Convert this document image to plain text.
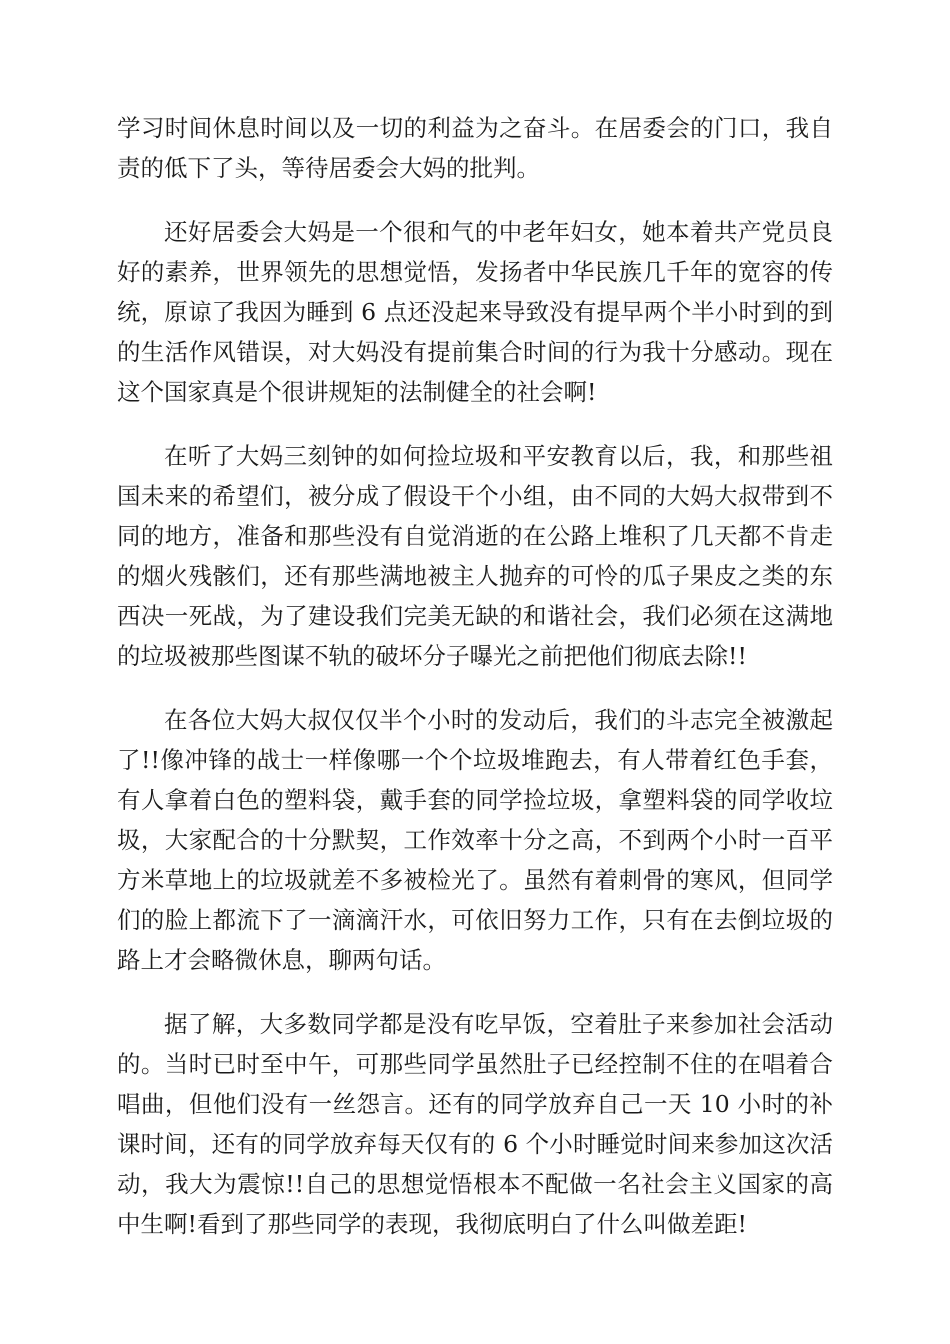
学习时间休息时间以及一切的利益为之奋斗。在居委会的门口，我自责的低下了头，等待居委会大妈的批判。

还好居委会大妈是一个很和气的中老年妇女，她本着共产党员良好的素养，世界领先的思想觉悟，发扬者中华民族几千年的宽容的传统，原谅了我因为睡到 6 点还没起来导致没有提早两个半小时到的到的生活作风错误，对大妈没有提前集合时间的行为我十分感动。现在这个国家真是个很讲规矩的法制健全的社会啊!

在听了大妈三刻钟的如何捡垃圾和平安教育以后，我，和那些祖国未来的希望们，被分成了假设干个小组，由不同的大妈大叔带到不同的地方，准备和那些没有自觉消逝的在公路上堆积了几天都不肯走的烟火残骸们，还有那些满地被主人抛弃的可怜的瓜子果皮之类的东西决一死战，为了建设我们完美无缺的和谐社会，我们必须在这满地的垃圾被那些图谋不轨的破坏分子曝光之前把他们彻底去除!!

在各位大妈大叔仅仅半个小时的发动后，我们的斗志完全被激起了!!像冲锋的战士一样像哪一个个垃圾堆跑去，有人带着红色手套，有人拿着白色的塑料袋，戴手套的同学捡垃圾，拿塑料袋的同学收垃圾，大家配合的十分默契，工作效率十分之高，不到两个小时一百平方米草地上的垃圾就差不多被检光了。虽然有着刺骨的寒风，但同学们的脸上都流下了一滴滴汗水，可依旧努力工作，只有在去倒垃圾的路上才会略微休息，聊两句话。

据了解，大多数同学都是没有吃早饭，空着肚子来参加社会活动的。当时已时至中午，可那些同学虽然肚子已经控制不住的在唱着合唱曲，但他们没有一丝怨言。还有的同学放弃自己一天 10 小时的补课时间，还有的同学放弃每天仅有的 6 个小时睡觉时间来参加这次活动，我大为震惊!!自己的思想觉悟根本不配做一名社会主义国家的高中生啊!看到了那些同学的表现，我彻底明白了什么叫做差距!
